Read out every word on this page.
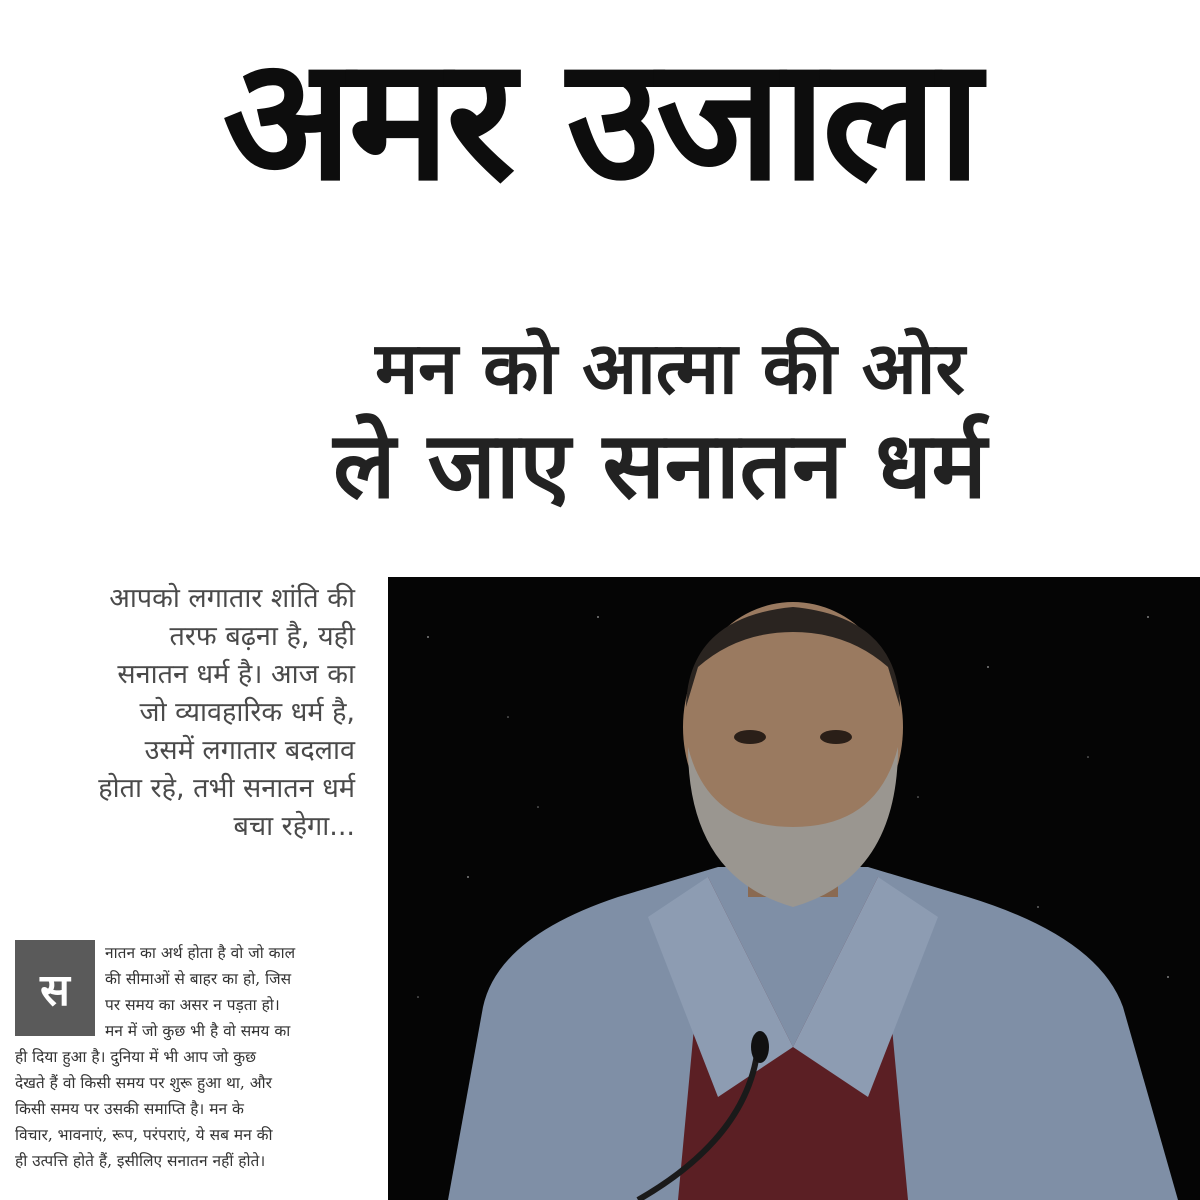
अमर उजाला
मन को आत्मा की ओर
ले जाए सनातन धर्म
आपको लगातार शांति की
तरफ बढ़ना है, यही
सनातन धर्म है। आज का
जो व्यावहारिक धर्म है,
उसमें लगातार बदलाव
होता रहे, तभी सनातन धर्म
बचा रहेगा...
स
नातन का अर्थ होता है वो जो काल
की सीमाओं से बाहर का हो, जिस
पर समय का असर न पड़ता हो।
मन में जो कुछ भी है वो समय का
ही दिया हुआ है। दुनिया में भी आप जो कुछ
देखते हैं वो किसी समय पर शुरू हुआ था, और
किसी समय पर उसकी समाप्ति है। मन के
विचार, भावनाएं, रूप, परंपराएं, ये सब मन की
ही उत्पत्ति होते हैं, इसीलिए सनातन नहीं होते।
